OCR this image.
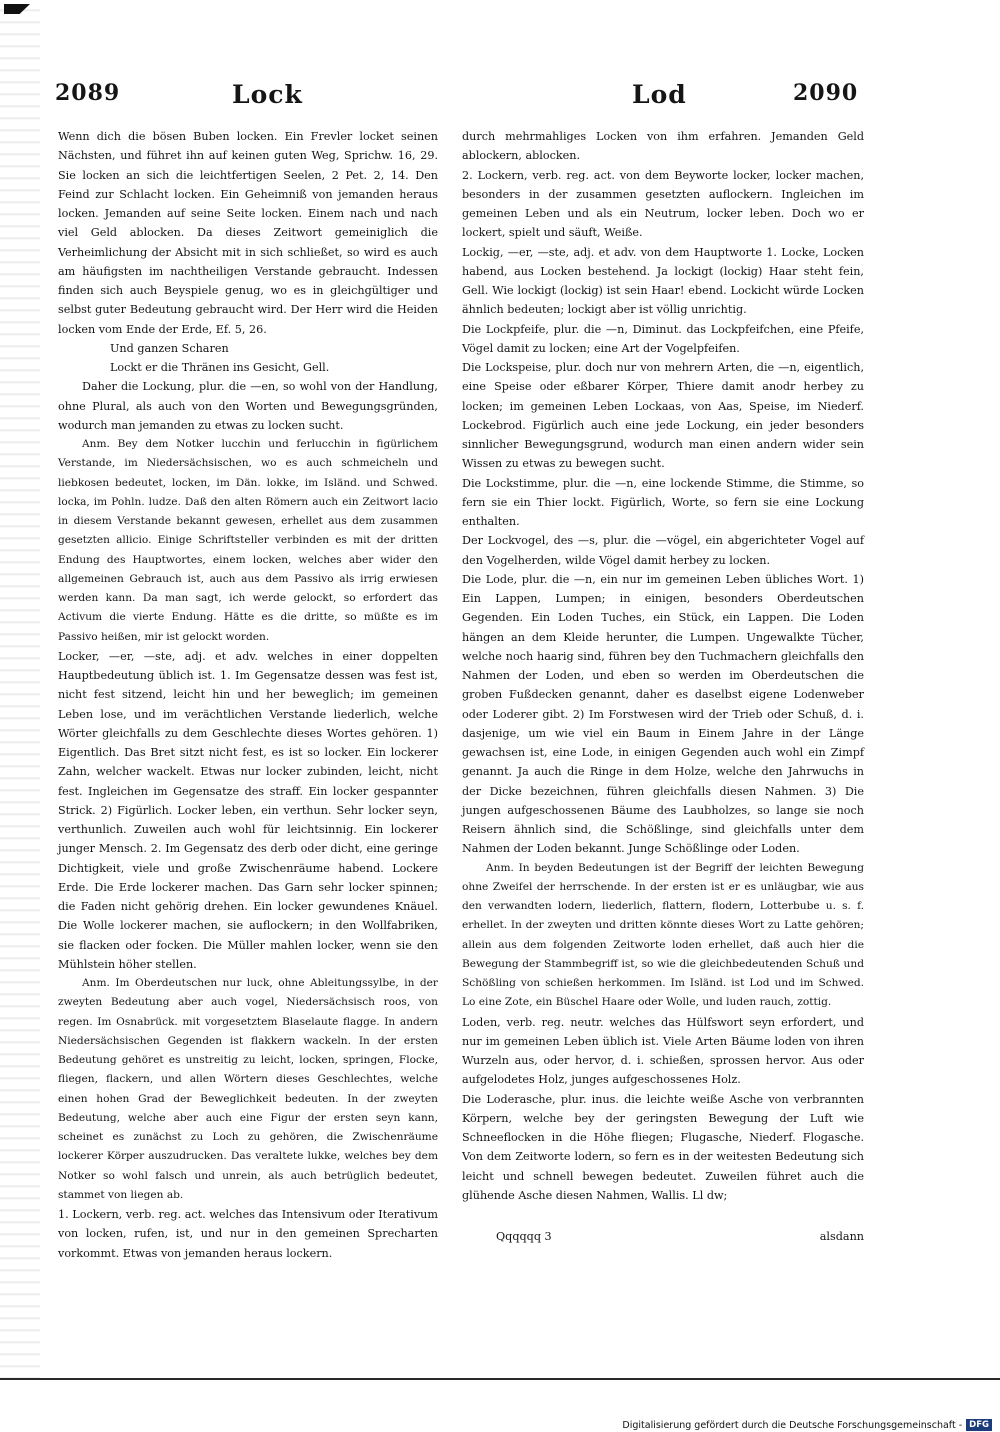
2089	Lock	Lod	2090

Wenn dich die bösen Buben locken. Ein Frevler locket seinen Nächsten, und führet ihn auf keinen guten Weg, Sprichw. 16, 29. Sie locken an sich die leichtfertigen Seelen, 2 Pet. 2, 14. Den Feind zur Schlacht locken. Ein Geheimniß von jemanden heraus locken. Jemanden auf seine Seite locken. Einem nach und nach viel Geld ablocken. Da dieses Zeitwort gemeiniglich die Verheimlichung der Absicht mit in sich schließet, so wird es auch am häufigsten im nachtheiligen Verstande gebraucht. Indessen finden sich auch Beyspiele genug, wo es in gleichgültiger und selbst guter Bedeutung gebraucht wird. Der Herr wird die Heiden locken vom Ende der Erde, Ef. 5, 26.

Und ganzen Scharen

Lockt er die Thränen ins Gesicht, Gell.

Daher die Lockung, plur. die —en, so wohl von der Handlung, ohne Plural, als auch von den Worten und Bewegungsgründen, wodurch man jemanden zu etwas zu locken sucht.

Anm. Bey dem Notker lucchin und ferlucchin in figürlichem Verstande, im Niedersächsischen, wo es auch schmeicheln und liebkosen bedeutet, locken, im Dän. lokke, im Isländ. und Schwed. locka, im Pohln. ludze. Daß den alten Römern auch ein Zeitwort lacio in diesem Verstande bekannt gewesen, erhellet aus dem zusammen gesetzten allicio. Einige Schriftsteller verbinden es mit der dritten Endung des Hauptwortes, einem locken, welches aber wider den allgemeinen Gebrauch ist, auch aus dem Passivo als irrig erwiesen werden kann. Da man sagt, ich werde gelockt, so erfordert das Activum die vierte Endung. Hätte es die dritte, so müßte es im Passivo heißen, mir ist gelockt worden.

Locker, —er, —ste, adj. et adv. welches in einer doppelten Hauptbedeutung üblich ist. 1. Im Gegensatze dessen was fest ist, nicht fest sitzend, leicht hin und her beweglich; im gemeinen Leben lose, und im verächtlichen Verstande liederlich, welche Wörter gleichfalls zu dem Geschlechte dieses Wortes gehören. 1) Eigentlich. Das Bret sitzt nicht fest, es ist so locker. Ein lockerer Zahn, welcher wackelt. Etwas nur locker zubinden, leicht, nicht fest. Ingleichen im Gegensatze des straff. Ein locker gespannter Strick. 2) Figürlich. Locker leben, ein verthun. Sehr locker seyn, verthunlich. Zuweilen auch wohl für leichtsinnig. Ein lockerer junger Mensch. 2. Im Gegensatz des derb oder dicht, eine geringe Dichtigkeit, viele und große Zwischenräume habend. Lockere Erde. Die Erde lockerer machen. Das Garn sehr locker spinnen; die Faden nicht gehörig drehen. Ein locker gewundenes Knäuel. Die Wolle lockerer machen, sie auflockern; in den Wollfabriken, sie flacken oder focken. Die Müller mahlen locker, wenn sie den Mühlstein höher stellen.

Anm. Im Oberdeutschen nur luck, ohne Ableitungssylbe, in der zweyten Bedeutung aber auch vogel, Niedersächsisch roos, von regen. Im Osnabrück. mit vorgesetztem Blaselaute flagge. In andern Niedersächsischen Gegenden ist flakkern wackeln. In der ersten Bedeutung gehöret es unstreitig zu leicht, locken, springen, Flocke, fliegen, flackern, und allen Wörtern dieses Geschlechtes, welche einen hohen Grad der Beweglichkeit bedeuten. In der zweyten Bedeutung, welche aber auch eine Figur der ersten seyn kann, scheinet es zunächst zu Loch zu gehören, die Zwischenräume lockerer Körper auszudrucken. Das veraltete lukke, welches bey dem Notker so wohl falsch und unrein, als auch betrüglich bedeutet, stammet von liegen ab.

1. Lockern, verb. reg. act. welches das Intensivum oder Iterativum von locken, rufen, ist, und nur in den gemeinen Sprecharten vorkommt. Etwas von jemanden heraus lockern.

durch mehrmahliges Locken von ihm erfahren. Jemanden Geld ablockern, ablocken.

2. Lockern, verb. reg. act. von dem Beyworte locker, locker machen, besonders in der zusammen gesetzten auflockern. Ingleichen im gemeinen Leben und als ein Neutrum, locker leben. Doch wo er lockert, spielt und säuft, Weiße.

Lockig, —er, —ste, adj. et adv. von dem Hauptworte 1. Locke, Locken habend, aus Locken bestehend. Ja lockigt (lockig) Haar steht fein, Gell. Wie lockigt (lockig) ist sein Haar! ebend. Lockicht würde Locken ähnlich bedeuten; lockigt aber ist völlig unrichtig.

Die Lockpfeife, plur. die —n, Diminut. das Lockpfeifchen, eine Pfeife, Vögel damit zu locken; eine Art der Vogelpfeifen.

Die Lockspeise, plur. doch nur von mehrern Arten, die —n, eigentlich, eine Speise oder eßbarer Körper, Thiere damit anodr herbey zu locken; im gemeinen Leben Lockaas, von Aas, Speise, im Niederf. Lockebrod. Figürlich auch eine jede Lockung, ein jeder besonders sinnlicher Bewegungsgrund, wodurch man einen andern wider sein Wissen zu etwas zu bewegen sucht.

Die Lockstimme, plur. die —n, eine lockende Stimme, die Stimme, so fern sie ein Thier lockt. Figürlich, Worte, so fern sie eine Lockung enthalten.

Der Lockvogel, des —s, plur. die —vögel, ein abgerichteter Vogel auf den Vogelherden, wilde Vögel damit herbey zu locken.

Die Lode, plur. die —n, ein nur im gemeinen Leben übliches Wort. 1) Ein Lappen, Lumpen; in einigen, besonders Oberdeutschen Gegenden. Ein Loden Tuches, ein Stück, ein Lappen. Die Loden hängen an dem Kleide herunter, die Lumpen. Ungewalkte Tücher, welche noch haarig sind, führen bey den Tuchmachern gleichfalls den Nahmen der Loden, und eben so werden im Oberdeutschen die groben Fußdecken genannt, daher es daselbst eigene Lodenweber oder Loderer gibt. 2) Im Forstwesen wird der Trieb oder Schuß, d. i. dasjenige, um wie viel ein Baum in Einem Jahre in der Länge gewachsen ist, eine Lode, in einigen Gegenden auch wohl ein Zimpf genannt. Ja auch die Ringe in dem Holze, welche den Jahrwuchs in der Dicke bezeichnen, führen gleichfalls diesen Nahmen. 3) Die jungen aufgeschossenen Bäume des Laubholzes, so lange sie noch Reisern ähnlich sind, die Schößlinge, sind gleichfalls unter dem Nahmen der Loden bekannt. Junge Schößlinge oder Loden.

Anm. In beyden Bedeutungen ist der Begriff der leichten Bewegung ohne Zweifel der herrschende. In der ersten ist er es unläugbar, wie aus den verwandten lodern, liederlich, flattern, flodern, Lotterbube u. s. f. erhellet. In der zweyten und dritten könnte dieses Wort zu Latte gehören; allein aus dem folgenden Zeitworte loden erhellet, daß auch hier die Bewegung der Stammbegriff ist, so wie die gleichbedeutenden Schuß und Schößling von schießen herkommen. Im Isländ. ist Lod und im Schwed. Lo eine Zote, ein Büschel Haare oder Wolle, und luden rauch, zottig.

Loden, verb. reg. neutr. welches das Hülfswort seyn erfordert, und nur im gemeinen Leben üblich ist. Viele Arten Bäume loden von ihren Wurzeln aus, oder hervor, d. i. schießen, sprossen hervor. Aus oder aufgelodetes Holz, junges aufgeschossenes Holz.

Die Loderasche, plur. inus. die leichte weiße Asche von verbrannten Körpern, welche bey der geringsten Bewegung der Luft wie Schneeflocken in die Höhe fliegen; Flugasche, Niederf. Flogasche. Von dem Zeitworte lodern, so fern es in der weitesten Bedeutung sich leicht und schnell bewegen bedeutet. Zuweilen führet auch die glühende Asche diesen Nahmen, Wallis. Ll dw;

Qqqqqq 3	alsdann
Digitalisierung gefördert durch die Deutsche Forschungsgemeinschaft - DFG
